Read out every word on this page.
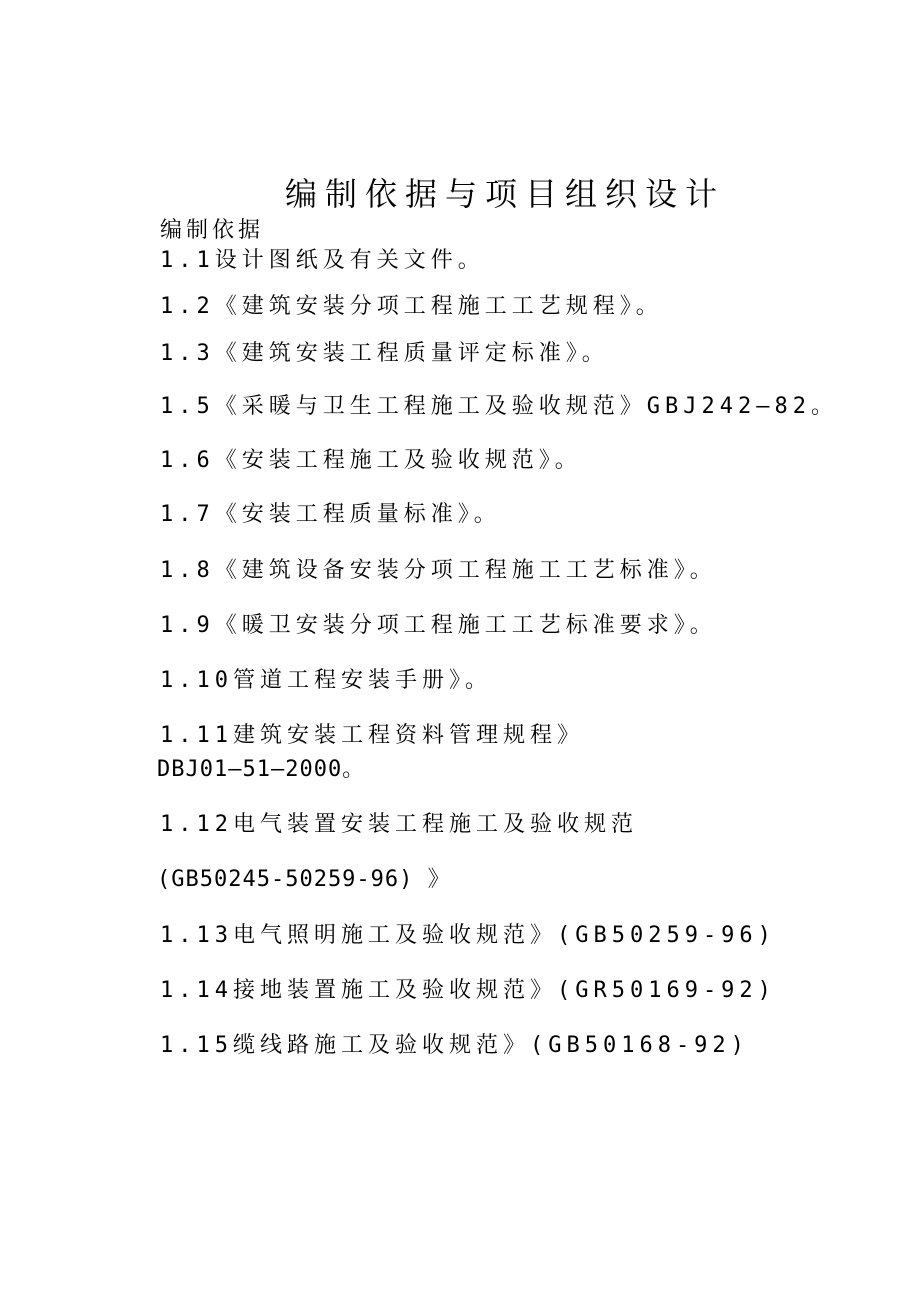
编制依据与项目组织设计
编制依据
1.1设计图纸及有关文件。
1.2《建筑安装分项工程施工工艺规程》。
1.3《建筑安装工程质量评定标准》。
1.5《采暖与卫生工程施工及验收规范》GBJ242—82。
1.6《安装工程施工及验收规范》。
1.7《安装工程质量标准》。
1.8《建筑设备安装分项工程施工工艺标准》。
1.9《暖卫安装分项工程施工工艺标准要求》。
1.10管道工程安装手册》。
1.11建筑安装工程资料管理规程》
DBJ01—51—2000。
1.12电气装置安装工程施工及验收规范
(GB50245-50259-96) 》
1.13电气照明施工及验收规范》(GB50259-96)
1.14接地装置施工及验收规范》(GR50169-92)
1.15缆线路施工及验收规范》(GB50168-92)
